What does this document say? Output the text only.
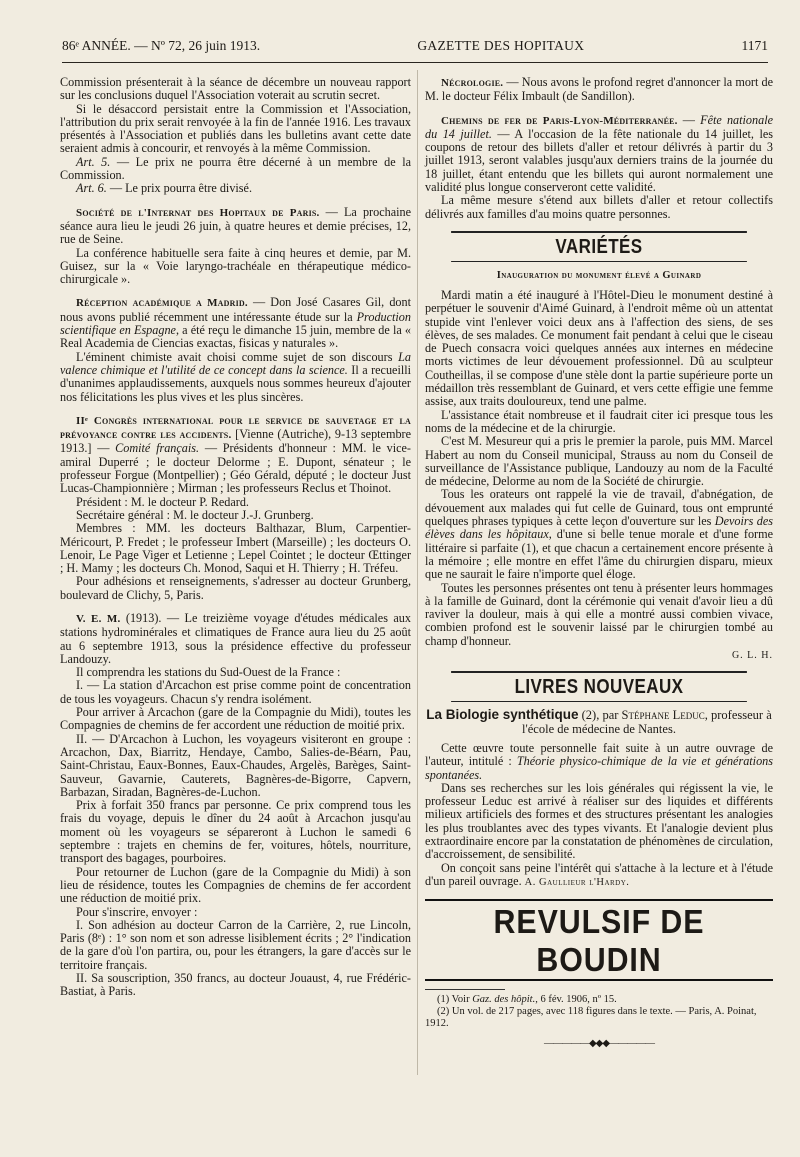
86ᵉ ANNÉE. — Nº 72, 26 juin 1913.	GAZETTE DES HOPITAUX	1171

Commission présenterait à la séance de décembre un nouveau rapport sur les conclusions duquel l'Association voterait au scrutin secret.

Si le désaccord persistait entre la Commission et l'Association, l'attribution du prix serait renvoyée à la fin de l'année 1916. Les travaux présentés à l'Association et publiés dans les bulletins avant cette date seraient admis à concourir, et renvoyés à la même Commission.

Art. 5. — Le prix ne pourra être décerné à un membre de la Commission.

Art. 6. — Le prix pourra être divisé.

Société de l'Internat des Hopitaux de Paris. — La prochaine séance aura lieu le jeudi 26 juin, à quatre heures et demie précises, 12, rue de Seine.

La conférence habituelle sera faite à cinq heures et demie, par M. Guisez, sur la « Voie laryngo-trachéale en thérapeutique médico-chirurgicale ».

Réception académique a Madrid. — Don José Casares Gil, dont nous avons publié récemment une intéressante étude sur la Production scientifique en Espagne, a été reçu le dimanche 15 juin, membre de la « Real Academia de Ciencias exactas, fisicas y naturales ».

L'éminent chimiste avait choisi comme sujet de son discours La valence chimique et l'utilité de ce concept dans la science. Il a recueilli d'unanimes applaudissements, auxquels nous sommes heureux d'ajouter nos félicitations les plus vives et les plus sincères.

IIᵉ Congrès international pour le service de sauvetage et la prévoyance contre les accidents. [Vienne (Autriche), 9-13 septembre 1913.] — Comité français. — Présidents d'honneur : MM. le vice-amiral Duperré ; le docteur Delorme ; E. Dupont, sénateur ; le professeur Forgue (Montpellier) ; Géo Gérald, député ; le docteur Just Lucas-Championnière ; Mirman ; les professeurs Reclus et Thoinot.

Président : M. le docteur P. Redard.

Secrétaire général : M. le docteur J.-J. Grunberg.

Membres : MM. les docteurs Balthazar, Blum, Carpentier-Méricourt, P. Fredet ; le professeur Imbert (Marseille) ; les docteurs O. Lenoir, Le Page Viger et Letienne ; Lepel Cointet ; le docteur Œttinger ; H. Mamy ; les docteurs Ch. Monod, Saqui et H. Thierry ; H. Tréfeu.

Pour adhésions et renseignements, s'adresser au docteur Grunberg, boulevard de Clichy, 5, Paris.

V. E. M. (1913). — Le treizième voyage d'études médicales aux stations hydrominérales et climatiques de France aura lieu du 25 août au 6 septembre 1913, sous la présidence effective du professeur Landouzy.

Il comprendra les stations du Sud-Ouest de la France :

I. — La station d'Arcachon est prise comme point de concentration de tous les voyageurs. Chacun s'y rendra isolément.

Pour arriver à Arcachon (gare de la Compagnie du Midi), toutes les Compagnies de chemins de fer accordent une réduction de moitié prix.

II. — D'Arcachon à Luchon, les voyageurs visiteront en groupe : Arcachon, Dax, Biarritz, Hendaye, Cambo, Salies-de-Béarn, Pau, Saint-Christau, Eaux-Bonnes, Eaux-Chaudes, Argelès, Barèges, Saint-Sauveur, Gavarnie, Cauterets, Bagnères-de-Bigorre, Capvern, Barbazan, Siradan, Bagnères-de-Luchon.

Prix à forfait 350 francs par personne. Ce prix comprend tous les frais du voyage, depuis le dîner du 24 août à Arcachon jusqu'au moment où les voyageurs se sépareront à Luchon le samedi 6 septembre : trajets en chemins de fer, voitures, hôtels, nourriture, transport des bagages, pourboires.

Pour retourner de Luchon (gare de la Compagnie du Midi) à son lieu de résidence, toutes les Compagnies de chemins de fer accordent une réduction de moitié prix.

Pour s'inscrire, envoyer :

I. Son adhésion au docteur Carron de la Carrière, 2, rue Lincoln, Paris (8ᵉ) : 1° son nom et son adresse lisiblement écrits ; 2° l'indication de la gare d'où l'on partira, ou, pour les étrangers, la gare d'accès sur le territoire français.

II. Sa souscription, 350 francs, au docteur Jouaust, 4, rue Frédéric-Bastiat, à Paris.

Nécrologie. — Nous avons le profond regret d'annoncer la mort de M. le docteur Félix Imbault (de Sandillon).

Chemins de fer de Paris-Lyon-Méditerranée. — Fête nationale du 14 juillet. — A l'occasion de la fête nationale du 14 juillet, les coupons de retour des billets d'aller et retour délivrés à partir du 3 juillet 1913, seront valables jusqu'aux derniers trains de la journée du 18 juillet, étant entendu que les billets qui auront normalement une validité plus longue conserveront cette validité.

La même mesure s'étend aux billets d'aller et retour collectifs délivrés aux familles d'au moins quatre personnes.

VARIÉTÉS
Inauguration du monument élevé a Guinard

Mardi matin a été inauguré à l'Hôtel-Dieu le monument destiné à perpétuer le souvenir d'Aimé Guinard, à l'endroit même où un attentat stupide vint l'enlever voici deux ans à l'affection des siens, de ses élèves, de ses malades. Ce monument fait pendant à celui que le ciseau de Puech consacra voici quelques années aux internes en médecine morts victimes de leur dévouement professionnel. Dû au sculpteur Coutheillas, il se compose d'une stèle dont la partie supérieure porte un médaillon très ressemblant de Guinard, et vers cette effigie une femme assise, aux traits douloureux, tend une palme.

L'assistance était nombreuse et il faudrait citer ici presque tous les noms de la médecine et de la chirurgie.

C'est M. Mesureur qui a pris le premier la parole, puis MM. Marcel Habert au nom du Conseil municipal, Strauss au nom du Conseil de surveillance de l'Assistance publique, Landouzy au nom de la Faculté de médecine, Delorme au nom de la Société de chirurgie.

Tous les orateurs ont rappelé la vie de travail, d'abnégation, de dévouement aux malades qui fut celle de Guinard, tous ont emprunté quelques phrases typiques à cette leçon d'ouverture sur les Devoirs des élèves dans les hôpitaux, d'une si belle tenue morale et d'une forme littéraire si parfaite (1), et que chacun a certainement encore présente à la mémoire ; elle montre en effet l'âme du chirurgien disparu, mieux que ne saurait le faire n'importe quel éloge.

Toutes les personnes présentes ont tenu à présenter leurs hommages à la famille de Guinard, dont la cérémonie qui venait d'avoir lieu a dû raviver la douleur, mais à qui elle a montré aussi combien vivace, combien profond est le souvenir laissé par le chirurgien tombé au champ d'honneur.

G. L. H.
LIVRES NOUVEAUX
La Biologie synthétique (2), par Stéphane Leduc, professeur à l'école de médecine de Nantes.

Cette œuvre toute personnelle fait suite à un autre ouvrage de l'auteur, intitulé : Théorie physico-chimique de la vie et générations spontanées.

Dans ses recherches sur les lois générales qui régissent la vie, le professeur Leduc est arrivé à réaliser sur des liquides et différents milieux artificiels des formes et des structures présentant les analogies les plus troublantes avec des types vivants. Et l'analogie devient plus extraordinaire encore par la constatation de phénomènes de circulation, d'accroissement, de sensibilité.

On conçoit sans peine l'intérêt qui s'attache à la lecture et à l'étude d'un pareil ouvrage. A. Gaullieur l'Hardy.

REVULSIF DE BOUDIN

(1) Voir Gaz. des hôpit., 6 fév. 1906, nº 15.

(2) Un vol. de 217 pages, avec 118 figures dans le texte. — Paris, A. Poinat, 1912.

—————◆◆◆—————
